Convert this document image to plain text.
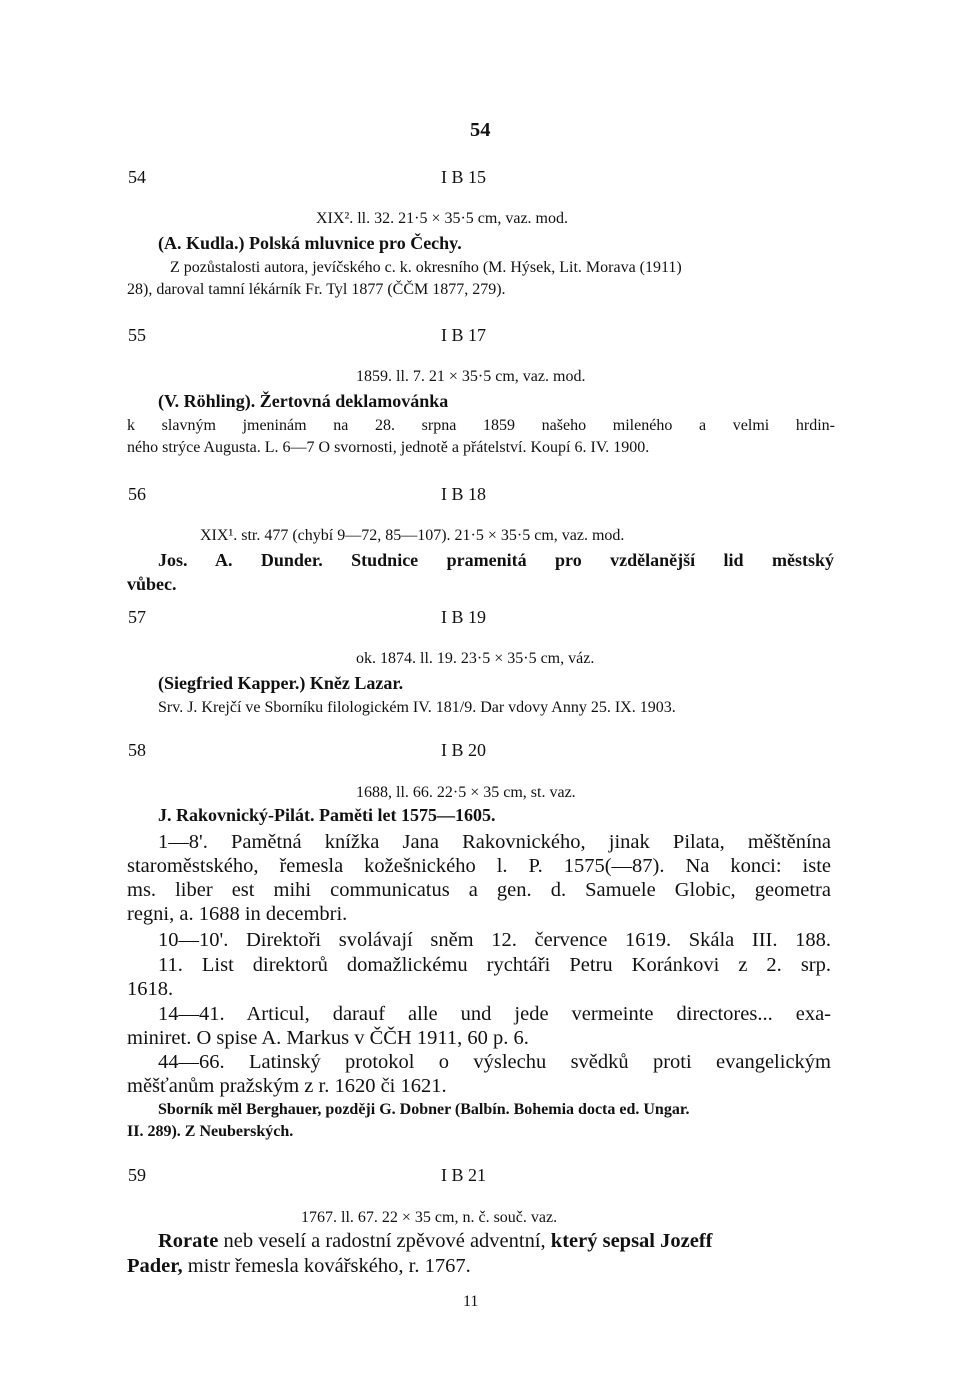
54
54	I B 15
XIX². ll. 32. 21·5 × 35·5 cm, vaz. mod.
(A. Kudla.) Polská mluvnice pro Čechy.
Z pozůstalosti autora, jevíčského c. k. okresního (M. Hýsek, Lit. Morava (1911)
28), daroval tamní lékárník Fr. Tyl 1877 (ČČM 1877, 279).
55	I B 17
1859. ll. 7. 21 × 35·5 cm, vaz. mod.
(V. Röhling). Žertovná deklamovánka
k slavným jmeninám na 28. srpna 1859 našeho mileného a velmi hrdin-
ného strýce Augusta. L. 6—7 O svornosti, jednotě a přátelství. Koupí 6. IV. 1900.
56	I B 18
XIX¹. str. 477 (chybí 9—72, 85—107). 21·5 × 35·5 cm, vaz. mod.
Jos. A. Dunder. Studnice pramenitá pro vzdělanější lid městský
vůbec.
57	I B 19
ok. 1874. ll. 19. 23·5 × 35·5 cm, váz.
(Siegfried Kapper.) Kněz Lazar.
Srv. J. Krejčí ve Sborníku filologickém IV. 181/9. Dar vdovy Anny 25. IX. 1903.
58	I B 20
1688, ll. 66. 22·5 × 35 cm, st. vaz.
J. Rakovnický-Pilát. Paměti let 1575—1605.
1—8'. Pamětná knížka Jana Rakovnického, jinak Pilata, měštěnína
staroměstského, řemesla kožešnického l. P. 1575(—87). Na konci: iste
ms. liber est mihi communicatus a gen. d. Samuele Globic, geometra
regni, a. 1688 in decembri.
10—10'. Direktoři svolávají sněm 12. července 1619. Skála III. 188.
11. List direktorů domažlickému rychtáři Petru Koránkovi z 2. srp.
1618.
14—41. Articul, darauf alle und jede vermeinte directores... exa-
miniret. O spise A. Markus v ČČH 1911, 60 p. 6.
44—66. Latinský protokol o výslechu svědků proti evangelickým
měšťanům pražským z r. 1620 či 1621.
Sborník měl Berghauer, později G. Dobner (Balbín. Bohemia docta ed. Ungar.
II. 289). Z Neuberských.
59	I B 21
1767. ll. 67. 22 × 35 cm, n. č. souč. vaz.
Rorate neb veselí a radostní zpěvové adventní, který sepsal Jozeff
Pader, mistr řemesla kovářského, r. 1767.
11
